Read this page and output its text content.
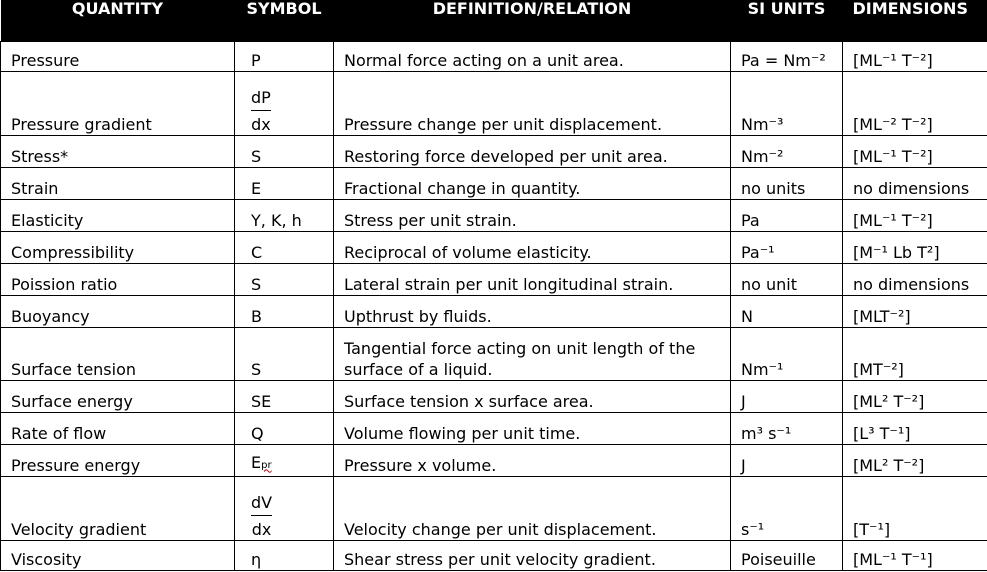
QUANTITY	SYMBOL	DEFINITION/RELATION	SI UNITS	DIMENSIONS
Pressure	P	Normal force acting on a unit area.	Pa = Nm⁻²	[ML⁻¹ T⁻²]
Pressure gradient	$\frac{dP}{dx}$	Pressure change per unit displacement.	Nm⁻³	[ML⁻² T⁻²]
Stress*	S	Restoring force developed per unit area.	Nm⁻²	[ML⁻¹ T⁻²]
Strain	E	Fractional change in quantity.	no units	no dimensions
Elasticity	Y, K, h	Stress per unit strain.	Pa	[ML⁻¹ T⁻²]
Compressibility	C	Reciprocal of volume elasticity.	Pa⁻¹	[M⁻¹ Lb T²]
Poission ratio	S	Lateral strain per unit longitudinal strain.	no unit	no dimensions
Buoyancy	B	Upthrust by fluids.	N	[MLT⁻²]
Surface tension	S	Tangential force acting on unit length of the surface of a liquid.	Nm⁻¹	[MT⁻²]
Surface energy	SE	Surface tension x surface area.	J	[ML² T⁻²]
Rate of flow	Q	Volume flowing per unit time.	m³ s⁻¹	[L³ T⁻¹]
Pressure energy	Epr	Pressure x volume.	J	[ML² T⁻²]
Velocity gradient	$\frac{dV}{dx}$	Velocity change per unit displacement.	s⁻¹	[T⁻¹]
Viscosity	η	Shear stress per unit velocity gradient.	Poiseuille	[ML⁻¹ T⁻¹]
